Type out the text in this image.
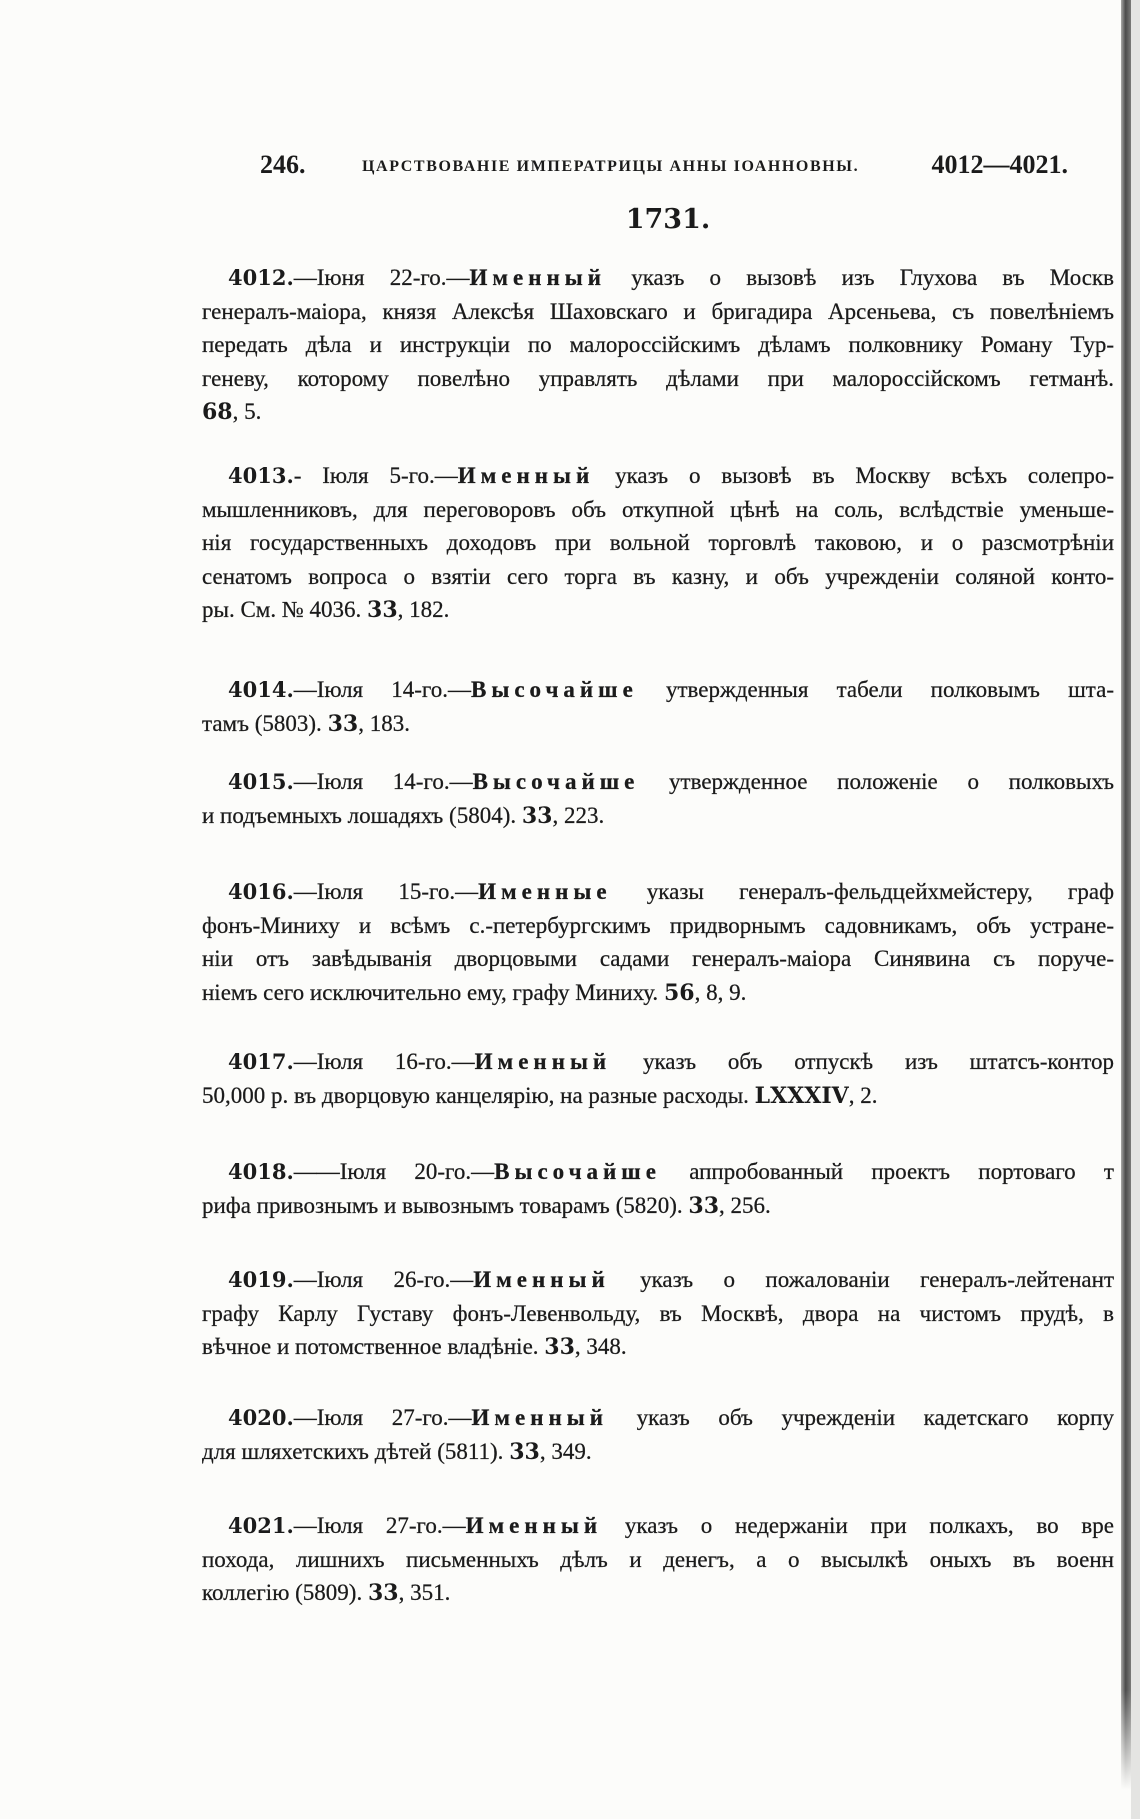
246.	ЦАРСТВОВАНІЕ ИМПЕРАТРИЦЫ АННЫ ІОАННОВНЫ.	4012—4021.
1731.
4012.—Іюня 22-го.—Именный указъ о вызовѣ изъ Глухова въ Москв
генералъ-маіора, князя Алексѣя Шаховскаго и бригадира Арсеньева, съ повелѣніемъ
передать дѣла и инструкціи по малороссійскимъ дѣламъ полковнику Роману Тур-
геневу, которому повелѣно управлять дѣлами при малороссійскомъ гетманѣ.
68, 5.
4013.- Іюля 5-го.—Именный указъ о вызовѣ въ Москву всѣхъ солепро-
мышленниковъ, для переговоровъ объ откупной цѣнѣ на соль, вслѣдствіе уменьше-
нія государственныхъ доходовъ при вольной торговлѣ таковою, и о разсмотрѣніи
сенатомъ вопроса о взятіи сего торга въ казну, и объ учрежденіи соляной конто-
ры. См. № 4036. 33, 182.
4014.—Іюля 14-го.—Высочайше утвержденныя табели полковымъ шта-
тамъ (5803). 33, 183.
4015.—Іюля 14-го.—Высочайше утвержденное положеніе о полковыхъ
и подъемныхъ лошадяхъ (5804). 33, 223.
4016.—Іюля 15-го.—Именные указы генералъ-фельдцейхмейстеру, граф
фонъ-Миниху и всѣмъ с.-петербургскимъ придворнымъ садовникамъ, объ устране-
ніи отъ завѣдыванія дворцовыми садами генералъ-маіора Синявина съ поруче-
ніемъ сего исключительно ему, графу Миниху. 56, 8, 9.
4017.—Іюля 16-го.—Именный указъ объ отпускѣ изъ штатсъ-контор
50,000 р. въ дворцовую канцелярію, на разные расходы. LXXXIV, 2.
4018.——Іюля 20-го.—Высочайше аппробованный проектъ портоваго т
рифа привознымъ и вывознымъ товарамъ (5820). 33, 256.
4019.—Іюля 26-го.—Именный указъ о пожалованіи генералъ-лейтенант
графу Карлу Густаву фонъ-Левенвольду, въ Москвѣ, двора на чистомъ прудѣ, в
вѣчное и потомственное владѣніе. 33, 348.
4020.—Іюля 27-го.—Именный указъ объ учрежденіи кадетскаго корпу
для шляхетскихъ дѣтей (5811). 33, 349.
4021.—Іюля 27-го.—Именный указъ о недержаніи при полкахъ, во вре
похода, лишнихъ письменныхъ дѣлъ и денегъ, а о высылкѣ оныхъ въ военн
коллегію (5809). 33, 351.
